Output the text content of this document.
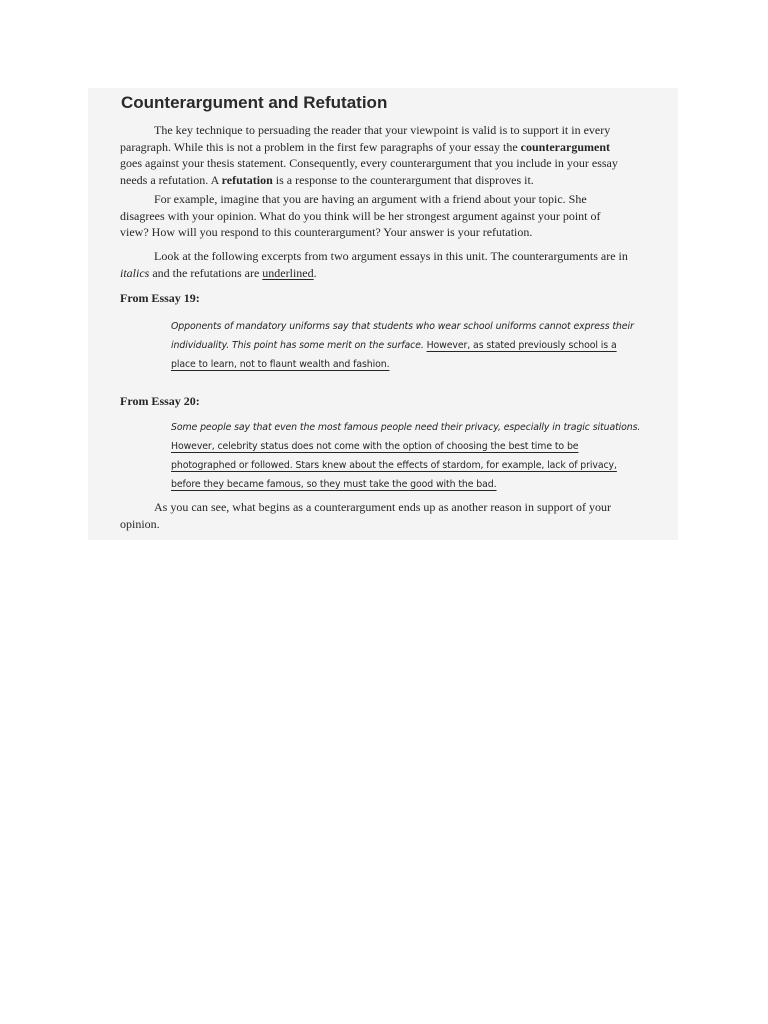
Counterargument and Refutation

The key technique to persuading the reader that your viewpoint is valid is to support it in every paragraph. While this is not a problem in the first few paragraphs of your essay the counterargument goes against your thesis statement. Consequently, every counterargument that you include in your essay needs a refutation. A refutation is a response to the counterargument that disproves it.

For example, imagine that you are having an argument with a friend about your topic. She disagrees with your opinion. What do you think will be her strongest argument against your point of view? How will you respond to this counterargument? Your answer is your refutation.

Look at the following excerpts from two argument essays in this unit. The counterarguments are in italics and the refutations are underlined.

From Essay 19:

Opponents of mandatory uniforms say that students who wear school uniforms cannot express their individuality. This point has some merit on the surface. However, as stated previously school is a place to learn, not to flaunt wealth and fashion.

From Essay 20:

Some people say that even the most famous people need their privacy, especially in tragic situations. However, celebrity status does not come with the option of choosing the best time to be photographed or followed. Stars knew about the effects of stardom, for example, lack of privacy, before they became famous, so they must take the good with the bad.

As you can see, what begins as a counterargument ends up as another reason in support of your opinion.
